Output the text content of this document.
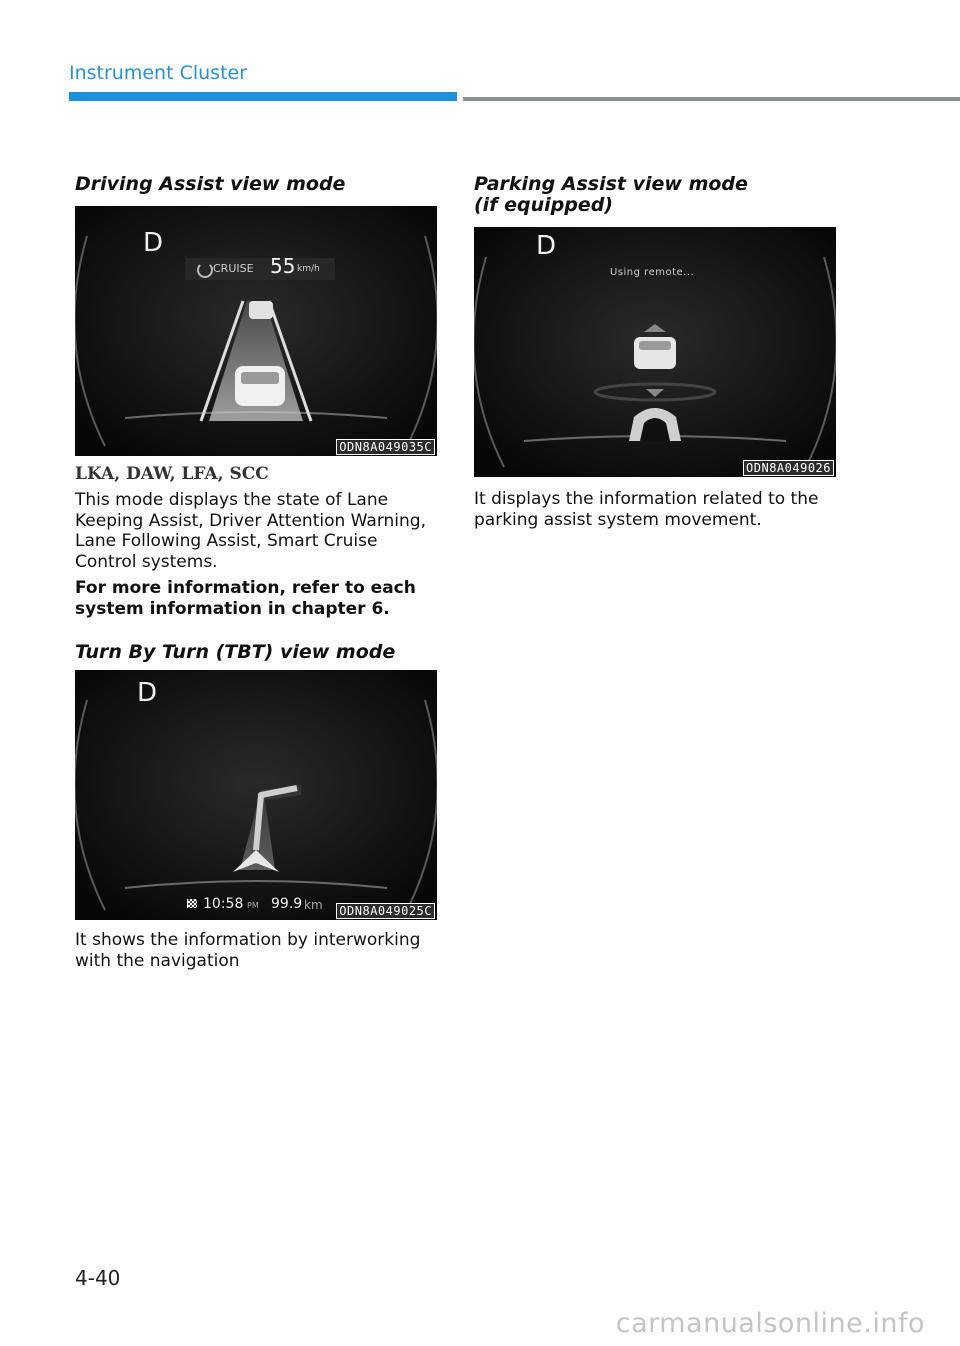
Instrument Cluster
Driving Assist view mode
D
CRUISE 55 km/h
ODN8A049035C
LKA, DAW, LFA, SCC

This mode displays the state of Lane Keeping Assist, Driver Attention Warning, Lane Following Assist, Smart Cruise Control systems.

For more information, refer to each system information in chapter 6.

Turn By Turn (TBT) view mode
D
10:58 PM 99.9 km ODN8A049025C

It shows the information by interworking with the navigation

Parking Assist view mode
(if equipped)
D
Using remote...
ODN8A049026

It displays the information related to the parking assist system movement.

4-40
carmanualsonline.info
